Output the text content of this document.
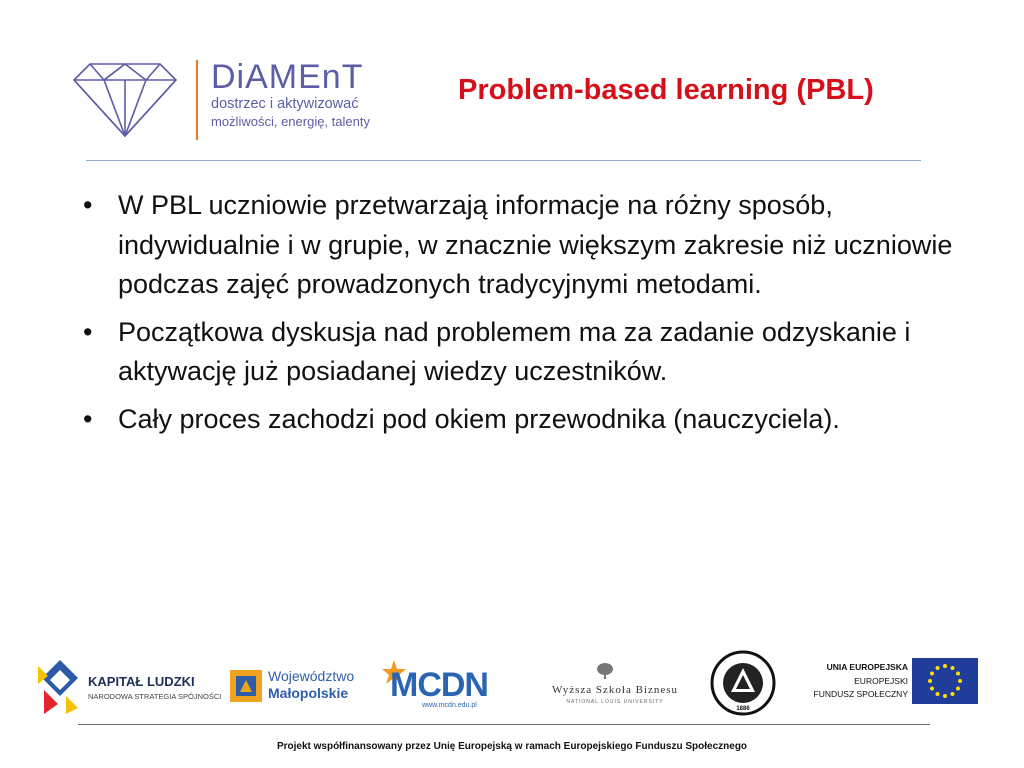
DiAMEnT
dostrzec i aktywizować
możliwości, energię, talenty
Problem-based learning (PBL)
• W PBL uczniowie przetwarzają informacje na różny sposób, indywidualnie i w grupie, w znacznie większym zakresie niż uczniowie podczas zajęć prowadzonych tradycyjnymi metodami.
• Początkowa dyskusja nad problemem ma za zadanie odzyskanie i aktywację już posiadanej wiedzy uczestników.
• Cały proces zachodzi pod okiem przewodnika (nauczyciela).
KAPITAŁ LUDZKI
NARODOWA STRATEGIA SPÓJNOŚCI
Województwo
Małopolskie MCDN
www.mcdn.edu.pl
Wyższa Szkoła Biznesu
NATIONAL LOUIS UNIVERSITY
1886
UNIA EUROPEJSKA
EUROPEJSKI
FUNDUSZ SPOŁECZNY
Projekt współfinansowany przez Unię Europejską w ramach Europejskiego Funduszu Społecznego
